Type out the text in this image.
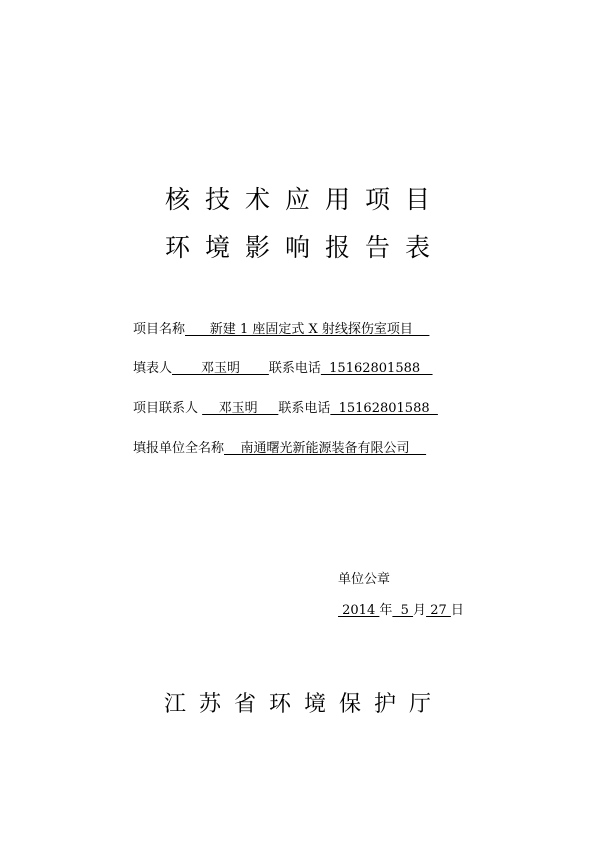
核技术应用项目
环境影响报告表
项目名称      新建 1 座固定式 X 射线探伤室项目
填表人       邓玉明       联系电话  15162801588
项目联系人     邓玉明     联系电话  15162801588
填报单位全名称    南通曙光新能源装备有限公司
单位公章
2014 年  5 月 27 日
江苏省环境保护厅
